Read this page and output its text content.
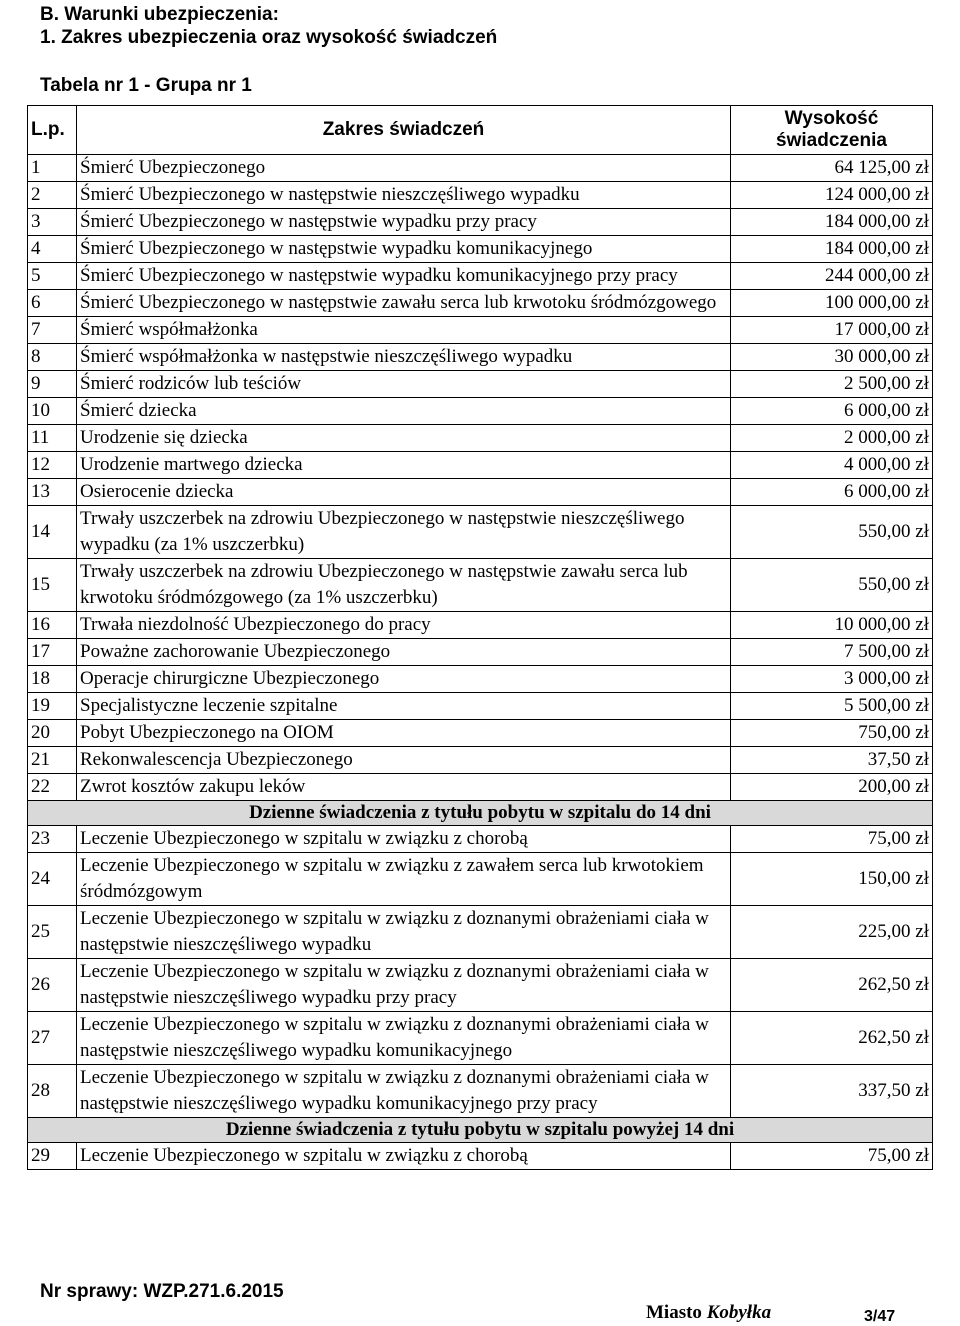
B. Warunki ubezpieczenia:
1. Zakres ubezpieczenia oraz wysokość świadczeń
Tabela nr 1 - Grupa nr 1
L.p.	Zakres świadczeń	Wysokość świadczenia
1	Śmierć Ubezpieczonego	64 125,00 zł
2	Śmierć Ubezpieczonego w następstwie nieszczęśliwego wypadku	124 000,00 zł
3	Śmierć Ubezpieczonego w następstwie wypadku przy pracy	184 000,00 zł
4	Śmierć Ubezpieczonego w następstwie wypadku komunikacyjnego	184 000,00 zł
5	Śmierć Ubezpieczonego w następstwie wypadku komunikacyjnego przy pracy	244 000,00 zł
6	Śmierć Ubezpieczonego w następstwie zawału serca lub krwotoku śródmózgowego	100 000,00 zł
7	Śmierć współmałżonka	17 000,00 zł
8	Śmierć współmałżonka w następstwie nieszczęśliwego wypadku	30 000,00 zł
9	Śmierć rodziców lub teściów	2 500,00 zł
10	Śmierć dziecka	6 000,00 zł
11	Urodzenie się dziecka	2 000,00 zł
12	Urodzenie martwego dziecka	4 000,00 zł
13	Osierocenie dziecka	6 000,00 zł
14	Trwały uszczerbek na zdrowiu Ubezpieczonego w następstwie nieszczęśliwego wypadku (za 1% uszczerbku)	550,00 zł
15	Trwały uszczerbek na zdrowiu Ubezpieczonego w następstwie zawału serca lub krwotoku śródmózgowego (za 1% uszczerbku)	550,00 zł
16	Trwała niezdolność Ubezpieczonego do pracy	10 000,00 zł
17	Poważne zachorowanie Ubezpieczonego	7 500,00 zł
18	Operacje chirurgiczne Ubezpieczonego	3 000,00 zł
19	Specjalistyczne leczenie szpitalne	5 500,00 zł
20	Pobyt Ubezpieczonego na OIOM	750,00 zł
21	Rekonwalescencja Ubezpieczonego	37,50 zł
22	Zwrot kosztów zakupu leków	200,00 zł
Dzienne świadczenia z tytułu pobytu w szpitalu do 14 dni		
23	Leczenie Ubezpieczonego w szpitalu w związku z chorobą	75,00 zł
24	Leczenie Ubezpieczonego w szpitalu w związku z zawałem serca lub krwotokiem śródmózgowym	150,00 zł
25	Leczenie Ubezpieczonego w szpitalu w związku z doznanymi obrażeniami ciała w następstwie nieszczęśliwego wypadku	225,00 zł
26	Leczenie Ubezpieczonego w szpitalu w związku z doznanymi obrażeniami ciała w następstwie nieszczęśliwego wypadku przy pracy	262,50 zł
27	Leczenie Ubezpieczonego w szpitalu w związku z doznanymi obrażeniami ciała w następstwie nieszczęśliwego wypadku komunikacyjnego	262,50 zł
28	Leczenie Ubezpieczonego w szpitalu w związku z doznanymi obrażeniami ciała w następstwie nieszczęśliwego wypadku komunikacyjnego przy pracy	337,50 zł
Dzienne świadczenia z tytułu pobytu w szpitalu powyżej 14 dni		
29	Leczenie Ubezpieczonego w szpitalu w związku z chorobą	75,00 zł
Nr sprawy: WZP.271.6.2015
Miasto Kobyłka	3/47
